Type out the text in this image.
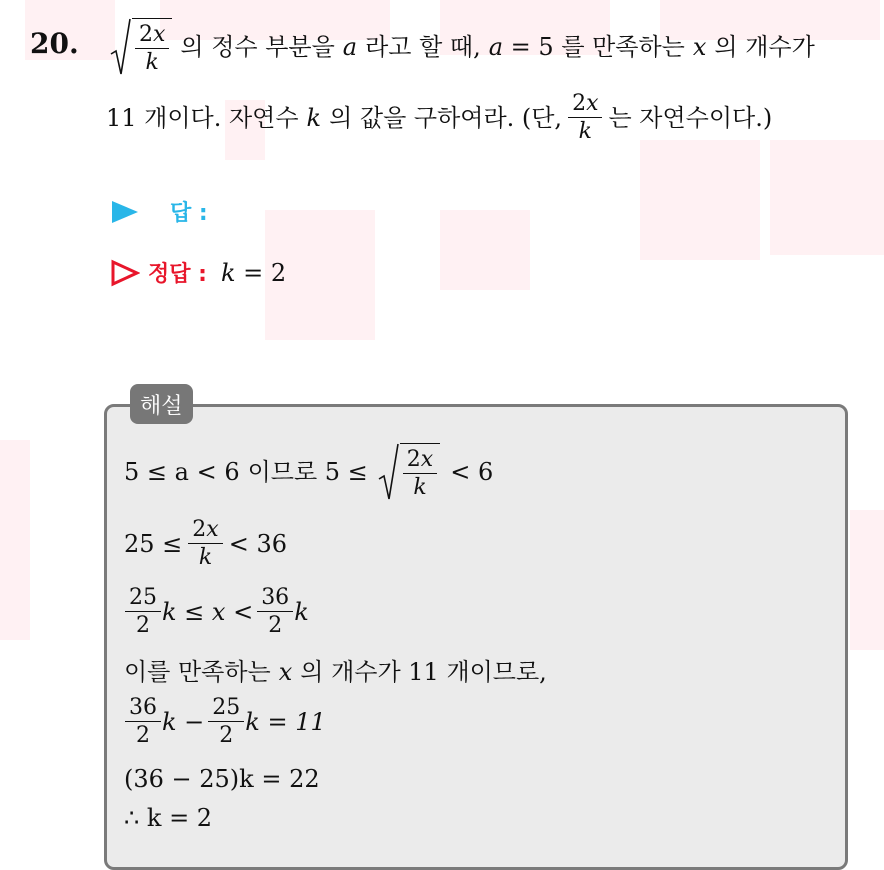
20.	$\frac{2x}{k}$ 의 정수 부분을 a 라고 할 때, a = 5 를 만족하는 x 의 개수가
11 개이다. 자연수 k 의 값을 구하여라. (단, $\frac{2x}{k}$ 는 자연수이다.)
답 :
정답 : k = 2
해설
5 ≤ a < 6 이므로 $5 \le \frac{2x}{k} < 6$
$25 \le \frac{2x}{k} < 36$
$\frac{25}{2}$ $k \le x < \frac{36}{2}$ k
이를 만족하는 x 의 개수가 11 개이므로,
$\frac{36}{2}$ $k - \frac{25}{2}$ k = 11
(36 − 25)k = 22
∴ k = 2
